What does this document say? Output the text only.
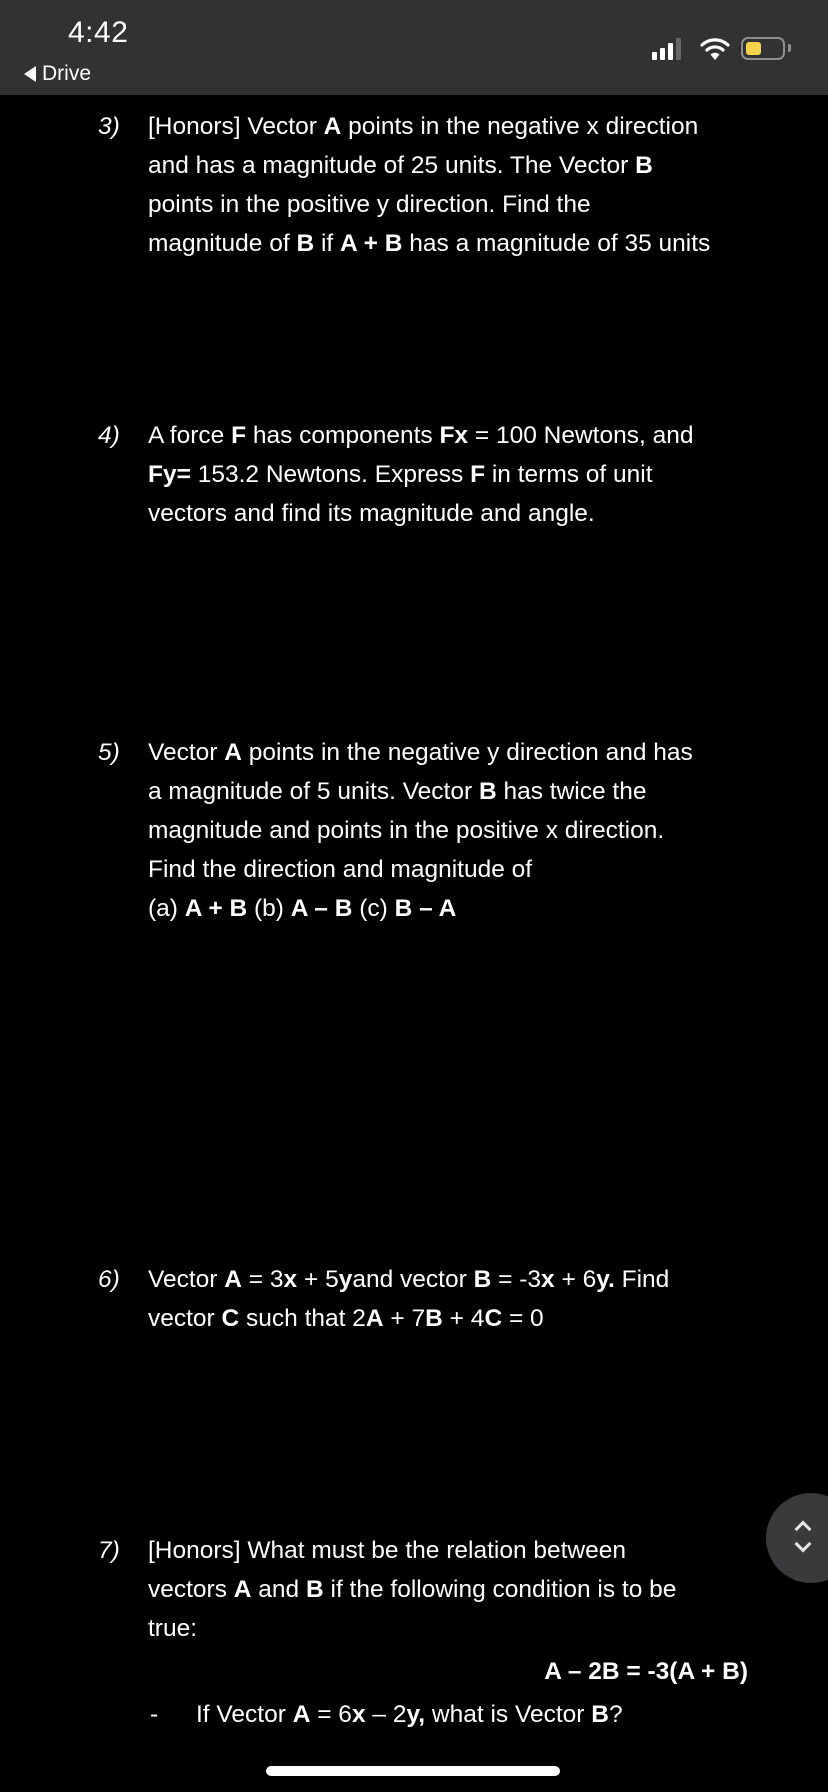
4:42
Drive
3) [Honors] Vector A points in the negative x direction
and has a magnitude of 25 units. The Vector B
points in the positive y direction. Find the
magnitude of B if A + B has a magnitude of 35 units
4) A force F has components Fx = 100 Newtons, and
Fy= 153.2 Newtons. Express F in terms of unit
vectors and find its magnitude and angle.
5) Vector A points in the negative y direction and has
a magnitude of 5 units. Vector B has twice the
magnitude and points in the positive x direction.
Find the direction and magnitude of
(a) A + B (b) A – B (c) B – A
6) Vector A = 3x + 5yand vector B = -3x + 6y. Find
vector C such that 2A + 7B + 4C = 0
7) [Honors] What must be the relation between
vectors A and B if the following condition is to be
true:
A – 2B = -3(A + B)
- If Vector A = 6x – 2y, what is Vector B?
